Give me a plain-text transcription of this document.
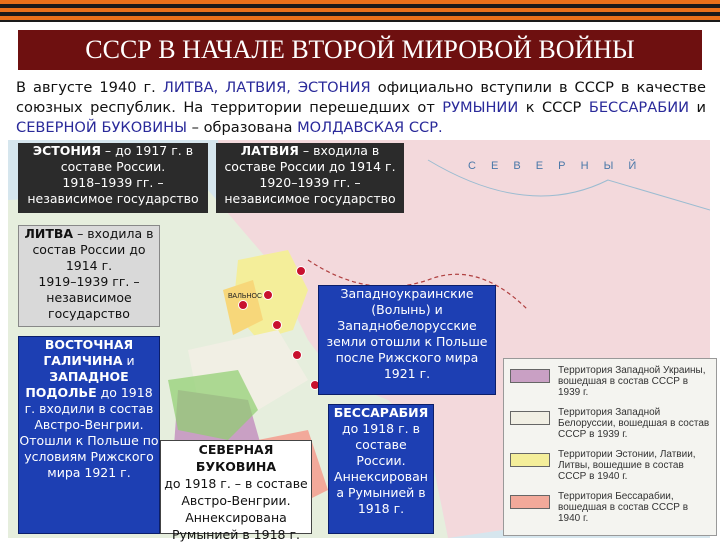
СССР В НАЧАЛЕ ВТОРОЙ МИРОВОЙ ВОЙНЫ
В августе 1940 г. ЛИТВА, ЛАТВИЯ, ЭСТОНИЯ официально вступили в СССР в качестве союзных республик. На территории перешедших от РУМЫНИИ к СССР БЕССАРАБИИ и СЕВЕРНОЙ БУКОВИНЫ – образована МОЛДАВСКАЯ ССР.
С Е В Е Р Н Ы Й
ВАЛЬНОС
ЭСТОНИЯ – до 1917 г. в составе России.
1918–1939 гг. – независимое государство
ЛАТВИЯ – входила в составе России до 1914 г.
1920–1939 гг. – независимое государство
ЛИТВА – входила в состав России до 1914 г.
1919–1939 гг. – независимое государство
ВОСТОЧНАЯ ГАЛИЧИНА и ЗАПАДНОЕ ПОДОЛЬЕ до 1918 г. входили в состав Австро-Венгрии. Отошли к Польше по условиям Рижского мира 1921 г.
СЕВЕРНАЯ БУКОВИНА
до 1918 г. – в составе Австро-Венгрии. Аннексирована Румынией в 1918 г.
Западноукраинские (Волынь) и Западнобелорусские земли отошли к Польше после Рижского мира 1921 г.
БЕССАРАБИЯ
до 1918 г. в составе России. Аннексирован а Румынией в 1918 г.
Территория Западной Украины, вошедшая в состав СССР в 1939 г.
Территория Западной Белоруссии, вошедшая в состав СССР в 1939 г.
Территории Эстонии, Латвии, Литвы, вошедшие в состав СССР в 1940 г.
Территория Бессарабии, вошедшая в состав СССР в 1940 г.
